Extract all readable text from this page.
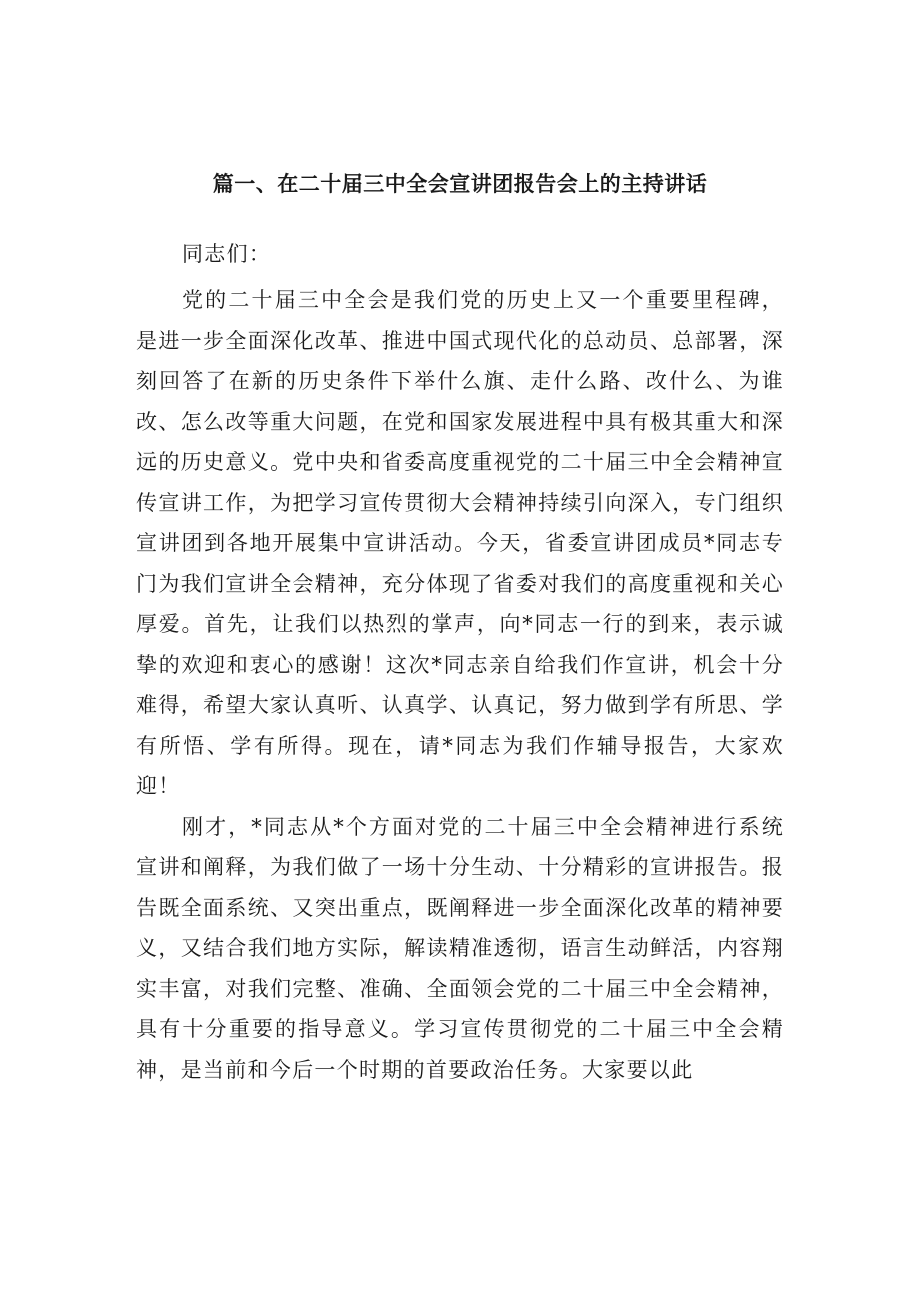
篇一、在二十届三中全会宣讲团报告会上的主持讲话

同志们：

党的二十届三中全会是我们党的历史上又一个重要里程碑，是进一步全面深化改革、推进中国式现代化的总动员、总部署，深刻回答了在新的历史条件下举什么旗、走什么路、改什么、为谁改、怎么改等重大问题，在党和国家发展进程中具有极其重大和深远的历史意义。党中央和省委高度重视党的二十届三中全会精神宣传宣讲工作，为把学习宣传贯彻大会精神持续引向深入，专门组织宣讲团到各地开展集中宣讲活动。今天，省委宣讲团成员*同志专门为我们宣讲全会精神，充分体现了省委对我们的高度重视和关心厚爱。首先，让我们以热烈的掌声，向*同志一行的到来，表示诚挚的欢迎和衷心的感谢！这次*同志亲自给我们作宣讲，机会十分难得，希望大家认真听、认真学、认真记，努力做到学有所思、学有所悟、学有所得。现在，请*同志为我们作辅导报告，大家欢迎！

刚才，*同志从*个方面对党的二十届三中全会精神进行系统宣讲和阐释，为我们做了一场十分生动、十分精彩的宣讲报告。报告既全面系统、又突出重点，既阐释进一步全面深化改革的精神要义，又结合我们地方实际，解读精准透彻，语言生动鲜活，内容翔实丰富，对我们完整、准确、全面领会党的二十届三中全会精神，具有十分重要的指导意义。学习宣传贯彻党的二十届三中全会精神，是当前和今后一个时期的首要政治任务。大家要以此
